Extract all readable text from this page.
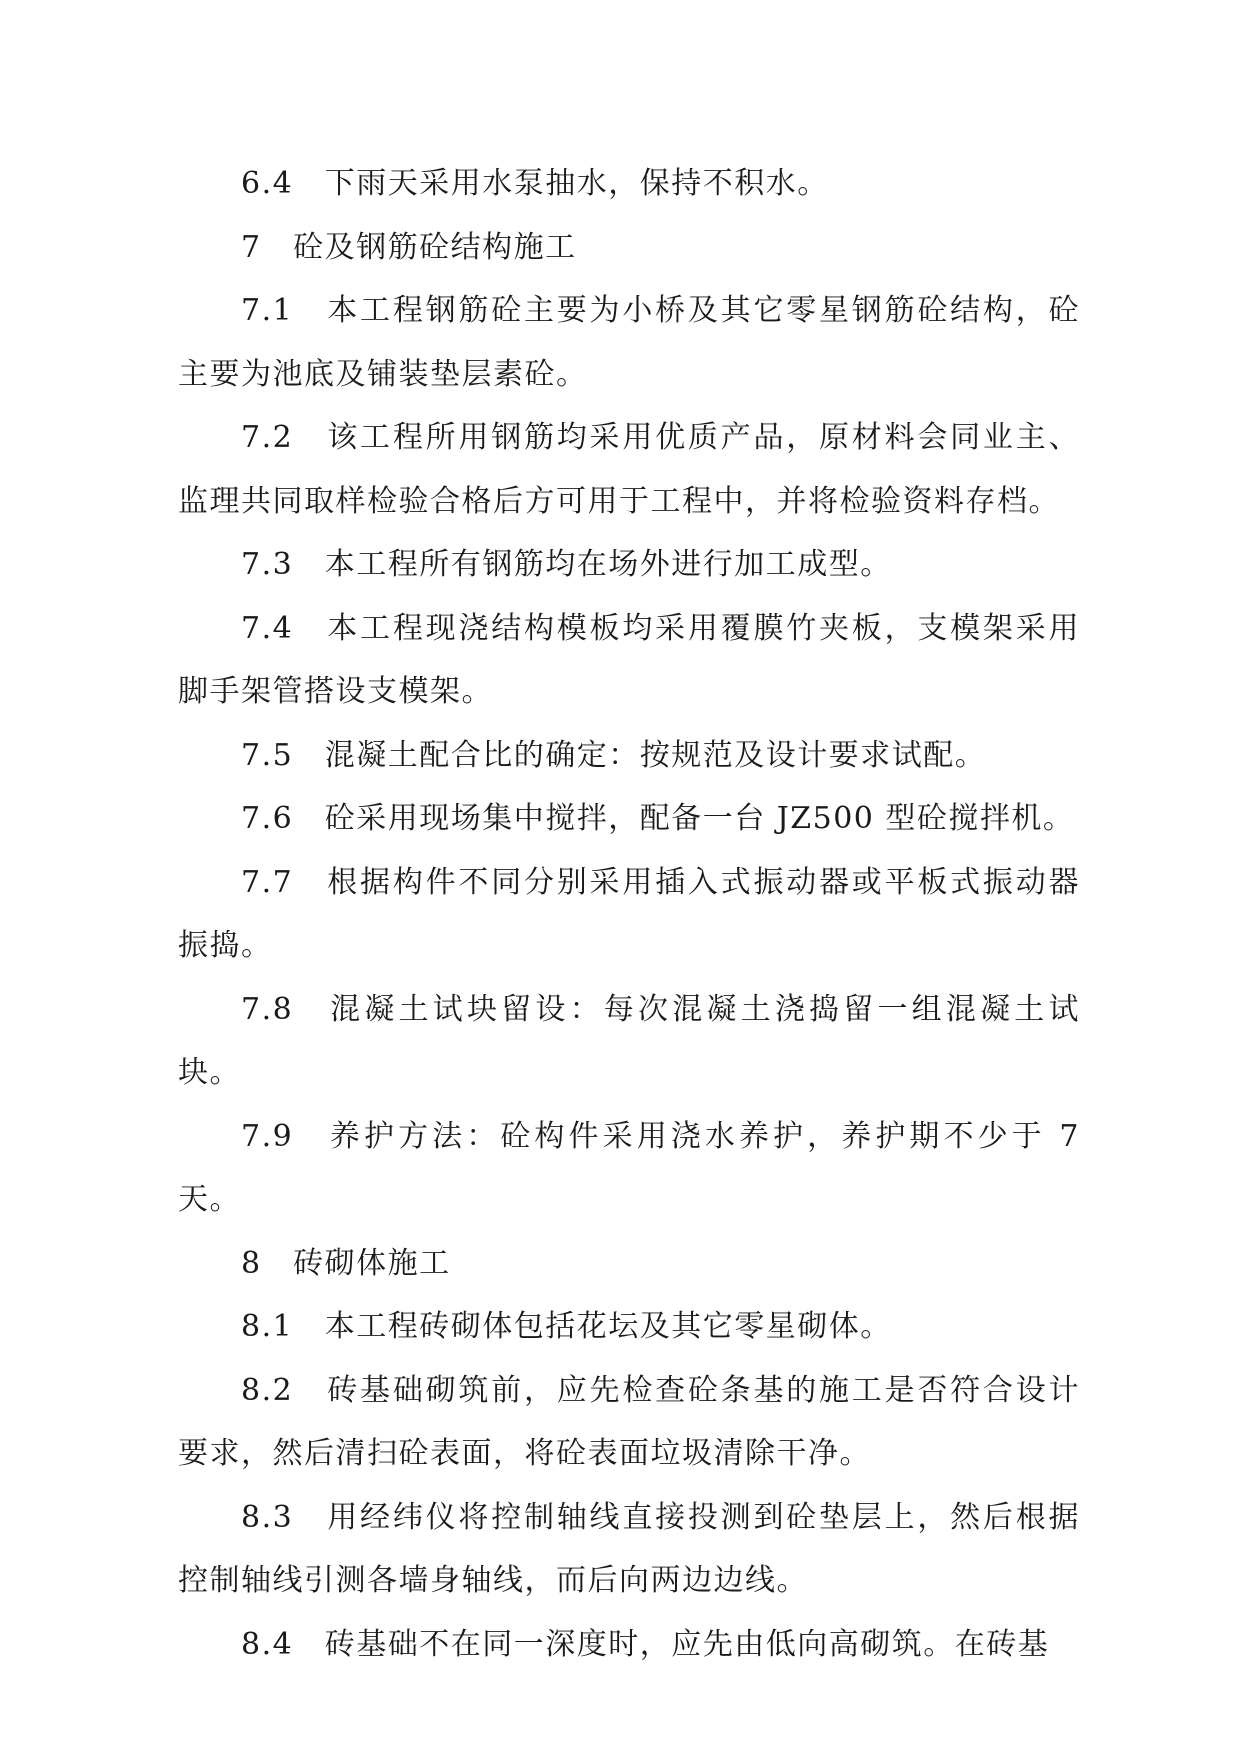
6.4　下雨天采用水泵抽水，保持不积水。

7　砼及钢筋砼结构施工

7.1　本工程钢筋砼主要为小桥及其它零星钢筋砼结构，砼主要为池底及铺装垫层素砼。

7.2　该工程所用钢筋均采用优质产品，原材料会同业主、监理共同取样检验合格后方可用于工程中，并将检验资料存档。

7.3　本工程所有钢筋均在场外进行加工成型。

7.4　本工程现浇结构模板均采用覆膜竹夹板，支模架采用脚手架管搭设支模架。

7.5　混凝土配合比的确定：按规范及设计要求试配。

7.6　砼采用现场集中搅拌，配备一台 JZ500 型砼搅拌机。

7.7　根据构件不同分别采用插入式振动器或平板式振动器振捣。

7.8　混凝土试块留设：每次混凝土浇捣留一组混凝土试块。

7.9　养护方法：砼构件采用浇水养护，养护期不少于 7 天。

8　砖砌体施工

8.1　本工程砖砌体包括花坛及其它零星砌体。

8.2　砖基础砌筑前，应先检查砼条基的施工是否符合设计要求，然后清扫砼表面，将砼表面垃圾清除干净。

8.3　用经纬仪将控制轴线直接投测到砼垫层上，然后根据控制轴线引测各墙身轴线，而后向两边边线。

8.4　砖基础不在同一深度时，应先由低向高砌筑。在砖基
